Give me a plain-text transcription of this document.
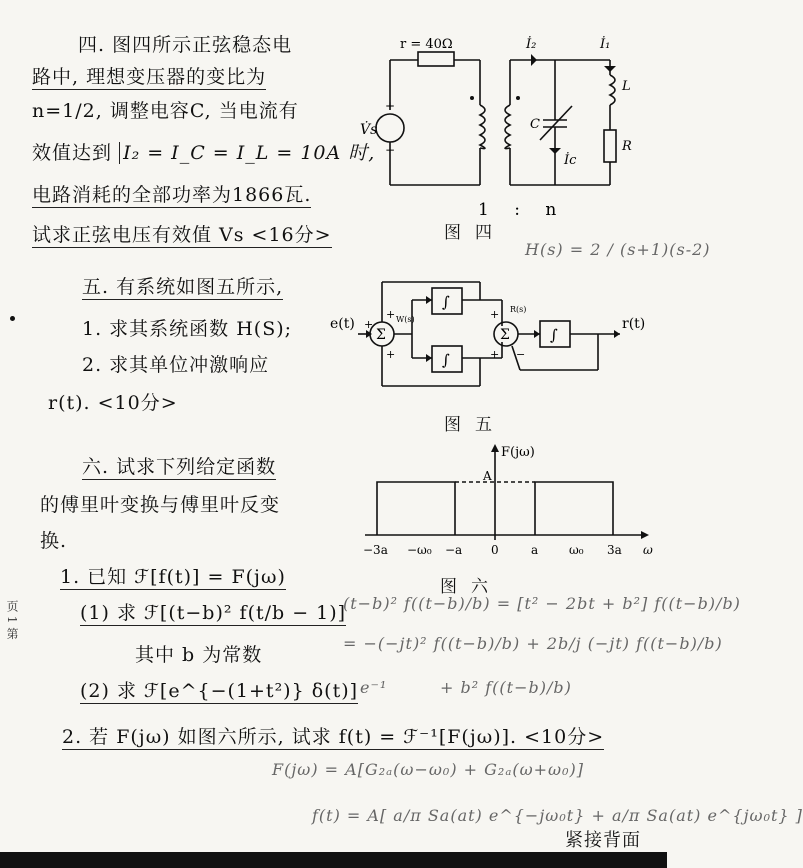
四. 图四所示正弦稳态电
路中, 理想变压器的变比为
n=1/2, 调整电容C, 当电流有
效值达到 I₂ = I_C = I_L = 10A 时,
电路消耗的全部功率为1866瓦.
试求正弦电压有效值 Vs <16分>
r = 40Ω
V̇s
+
−
İ₂	İ₁
L
C
R
İc
1 : n
图四
H(s) = 2 / (s+1)(s-2)
五. 有系统如图五所示,
1. 求其系统函数 H(S);
2. 求其单位冲激响应
r(t). <10分>
e(t)	r(t)
Σ	Σ
∫
∫
∫
+
+
+
W(s)	+
+ −
R(s)
图五
六. 试求下列给定函数
的傅里叶变换与傅里叶反变
换.
1. 已知 ℱ[f(t)] = F(jω)
(1) 求 ℱ[(t−b)² f(t/b − 1)]
其中 b 为常数
(2) 求 ℱ[e^{−(1+t²)} δ(t)]
2. 若 F(jω) 如图六所示, 试求 f(t) = ℱ⁻¹[F(jω)]. <10分>
F(jω)
A
−3a −ω₀ −a 0	a	ω₀ 3a ω
图六
(t−b)² f((t−b)/b) = [t² − 2bt + b²] f((t−b)/b)
= −(−jt)² f((t−b)/b) + 2b/j (−jt) f((t−b)/b)
e⁻¹	+ b² f((t−b)/b)
F(jω) = A[G₂ₐ(ω−ω₀) + G₂ₐ(ω+ω₀)]
f(t) = A[ a/π Sa(at) e^{−jω₀t} + a/π Sa(at) e^{jω₀t} ]
紧接背面
页 1 第
